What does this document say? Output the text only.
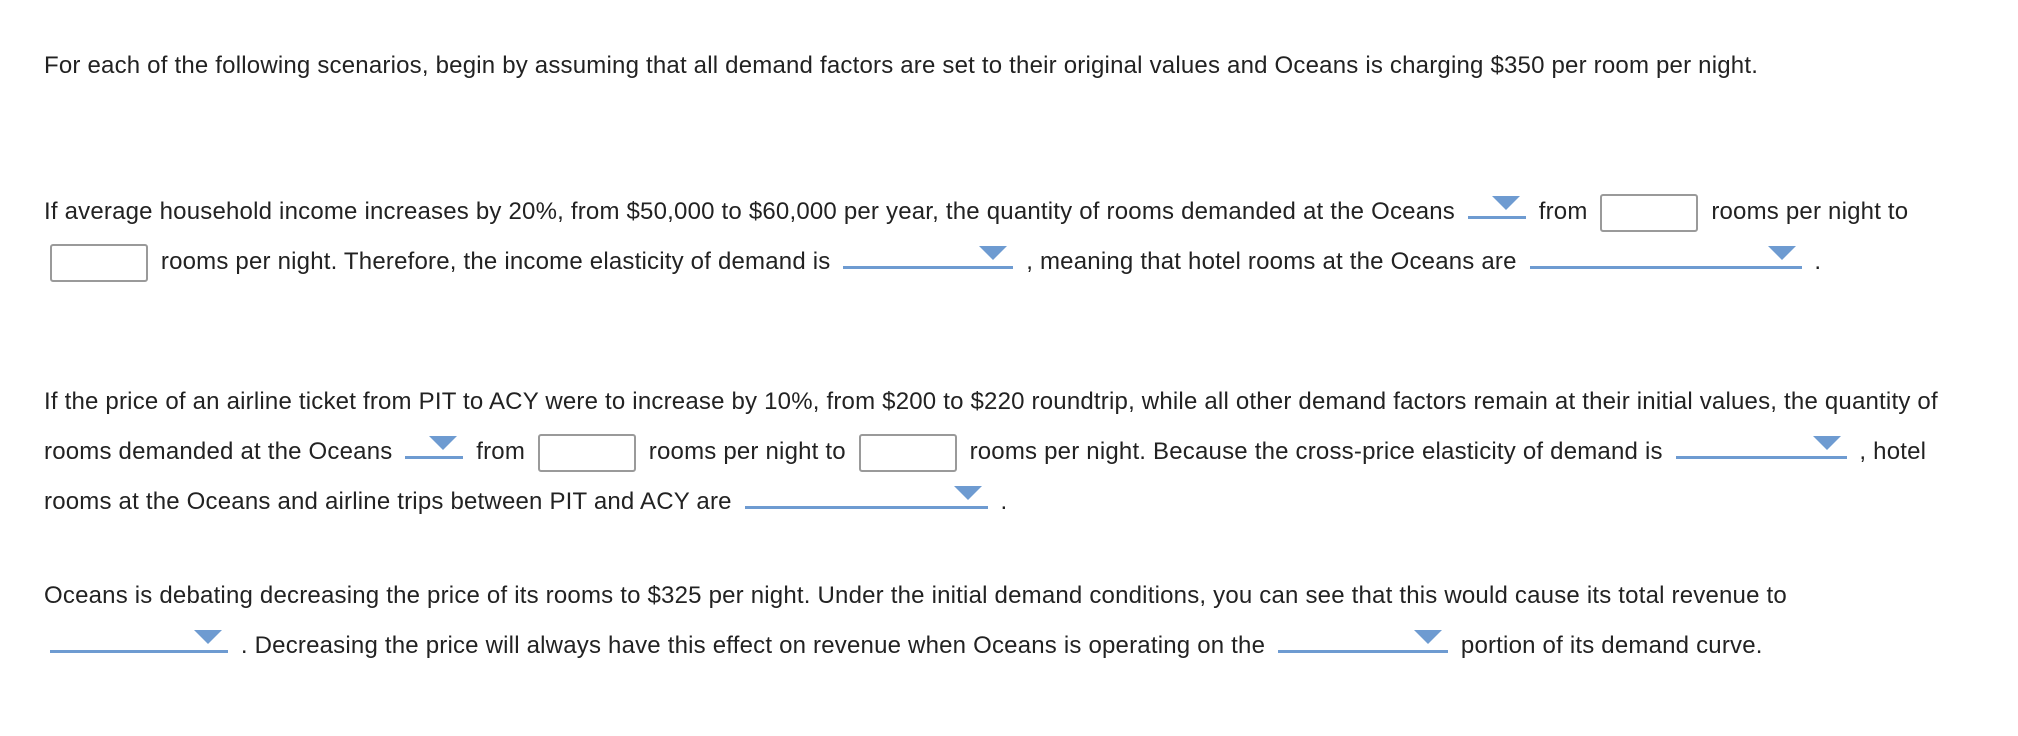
For each of the following scenarios, begin by assuming that all demand factors are set to their original values and Oceans is charging $350 per room per night.
If average household income increases by 20%, from $50,000 to $60,000 per year, the quantity of rooms demanded at the Oceans	from	rooms per night to  rooms per night. Therefore, the income elasticity of demand is	, meaning that hotel rooms at the Oceans are	.
If the price of an airline ticket from PIT to ACY were to increase by 10%, from $200 to $220 roundtrip, while all other demand factors remain at their initial values, the quantity of rooms demanded at the Oceans	from	rooms per night to	rooms per night. Because the cross-price elasticity of demand is	, hotel rooms at the Oceans and airline trips between PIT and ACY are	.
Oceans is debating decreasing the price of its rooms to $325 per night. Under the initial demand conditions, you can see that this would cause its total revenue to
. Decreasing the price will always have this effect on revenue when Oceans is operating on the	portion of its demand curve.
